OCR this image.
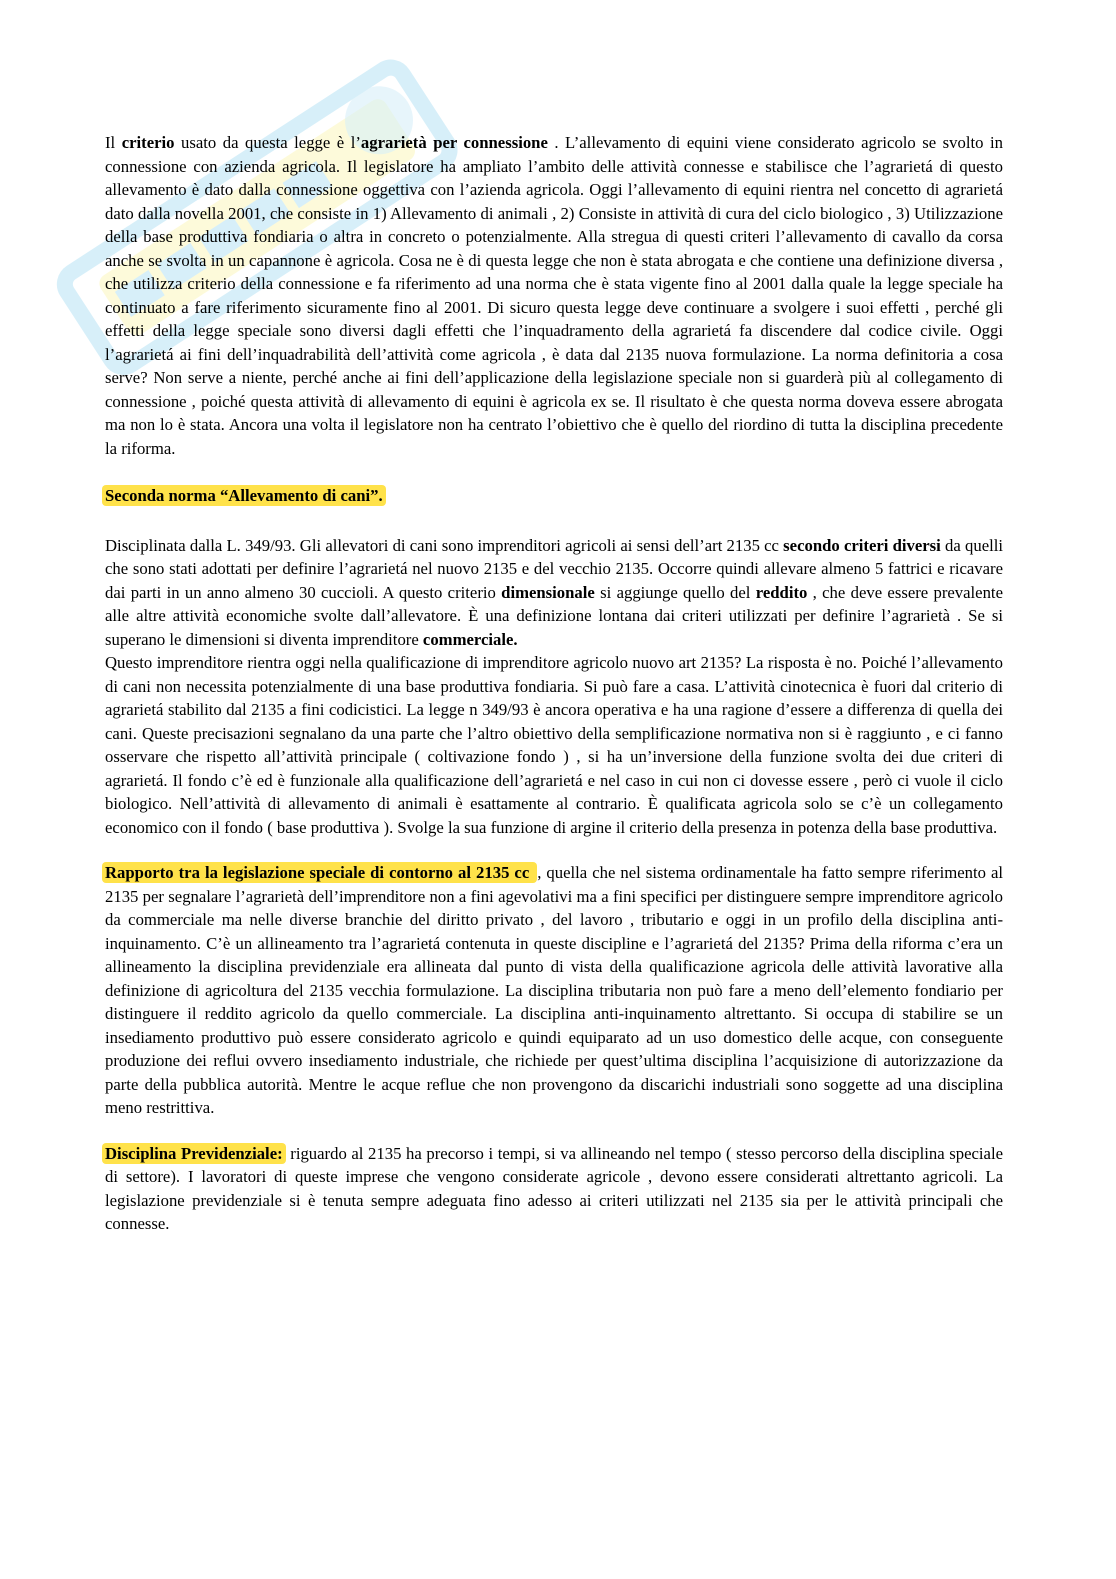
Il criterio usato da questa legge è l’agrarietà per connessione . L’allevamento di equini viene considerato agricolo se svolto in connessione con azienda agricola. Il legislatore ha ampliato l’ambito delle attività connesse e stabilisce che l’agrarietá di questo allevamento è dato dalla connessione oggettiva con l’azienda agricola. Oggi l’allevamento di equini rientra nel concetto di agrarietá dato dalla novella 2001, che consiste in 1) Allevamento di animali , 2) Consiste in attività di cura del ciclo biologico , 3) Utilizzazione della base produttiva fondiaria o altra in concreto o potenzialmente. Alla stregua di questi criteri l’allevamento di cavallo da corsa anche se svolta in un capannone è agricola. Cosa ne è di questa legge che non è stata abrogata e che contiene una definizione diversa , che utilizza criterio della connessione e fa riferimento ad una norma che è stata vigente fino al 2001 dalla quale la legge speciale ha continuato a fare riferimento sicuramente fino al 2001. Di sicuro questa legge deve continuare a svolgere i suoi effetti , perché gli effetti della legge speciale sono diversi dagli effetti che l’inquadramento della agrarietá fa discendere dal codice civile. Oggi l’agrarietá ai fini dell’inquadrabilità dell’attività come agricola , è data dal 2135 nuova formulazione. La norma definitoria a cosa serve? Non serve a niente, perché anche ai fini dell’applicazione della legislazione speciale non si guarderà più al collegamento di connessione , poiché questa attività di allevamento di equini è agricola ex se. Il risultato è che questa norma doveva essere abrogata ma non lo è stata. Ancora una volta il legislatore non ha centrato l’obiettivo che è quello del riordino di tutta la disciplina precedente la riforma.

Seconda norma “Allevamento di cani”.

Disciplinata dalla L. 349/93. Gli allevatori di cani sono imprenditori agricoli ai sensi dell’art 2135 cc secondo criteri diversi da quelli che sono stati adottati per definire l’agrarietá nel nuovo 2135 e del vecchio 2135. Occorre quindi allevare almeno 5 fattrici e ricavare dai parti in un anno almeno 30 cuccioli. A questo criterio dimensionale si aggiunge quello del reddito , che deve essere prevalente alle altre attività economiche svolte dall’allevatore. È una definizione lontana dai criteri utilizzati per definire l’agrarietà . Se si superano le dimensioni si diventa imprenditore commerciale.

Questo imprenditore rientra oggi nella qualificazione di imprenditore agricolo nuovo art 2135? La risposta è no. Poiché l’allevamento di cani non necessita potenzialmente di una base produttiva fondiaria. Si può fare a casa. L’attività cinotecnica è fuori dal criterio di agrarietá stabilito dal 2135 a fini codicistici. La legge n 349/93 è ancora operativa e ha una ragione d’essere a differenza di quella dei cani. Queste precisazioni segnalano da una parte che l’altro obiettivo della semplificazione normativa non si è raggiunto , e ci fanno osservare che rispetto all’attività principale ( coltivazione fondo ) , si ha un’inversione della funzione svolta dei due criteri di agrarietá. Il fondo c’è ed è funzionale alla qualificazione dell’agrarietá e nel caso in cui non ci dovesse essere , però ci vuole il ciclo biologico. Nell’attività di allevamento di animali è esattamente al contrario. È qualificata agricola solo se c’è un collegamento economico con il fondo ( base produttiva ). Svolge la sua funzione di argine il criterio della presenza in potenza della base produttiva.

Rapporto tra la legislazione speciale di contorno al 2135 cc , quella che nel sistema ordinamentale ha fatto sempre riferimento al 2135 per segnalare l’agrarietà dell’imprenditore non a fini agevolativi ma a fini specifici per distinguere sempre imprenditore agricolo da commerciale ma nelle diverse branchie del diritto privato , del lavoro , tributario e oggi in un profilo della disciplina anti-inquinamento. C’è un allineamento tra l’agrarietá contenuta in queste discipline e l’agrarietá del 2135? Prima della riforma c’era un allineamento la disciplina previdenziale era allineata dal punto di vista della qualificazione agricola delle attività lavorative alla definizione di agricoltura del 2135 vecchia formulazione. La disciplina tributaria non può fare a meno dell’elemento fondiario per distinguere il reddito agricolo da quello commerciale. La disciplina anti-inquinamento altrettanto. Si occupa di stabilire se un insediamento produttivo può essere considerato agricolo e quindi equiparato ad un uso domestico delle acque, con conseguente produzione dei reflui ovvero insediamento industriale, che richiede per quest’ultima disciplina l’acquisizione di autorizzazione da parte della pubblica autorità. Mentre le acque reflue che non provengono da discarichi industriali sono soggette ad una disciplina meno restrittiva.

Disciplina Previdenziale: riguardo al 2135 ha precorso i tempi, si va allineando nel tempo ( stesso percorso della disciplina speciale di settore). I lavoratori di queste imprese che vengono considerate agricole , devono essere considerati altrettanto agricoli. La legislazione previdenziale si è tenuta sempre adeguata fino adesso ai criteri utilizzati nel 2135 sia per le attività principali che connesse.
